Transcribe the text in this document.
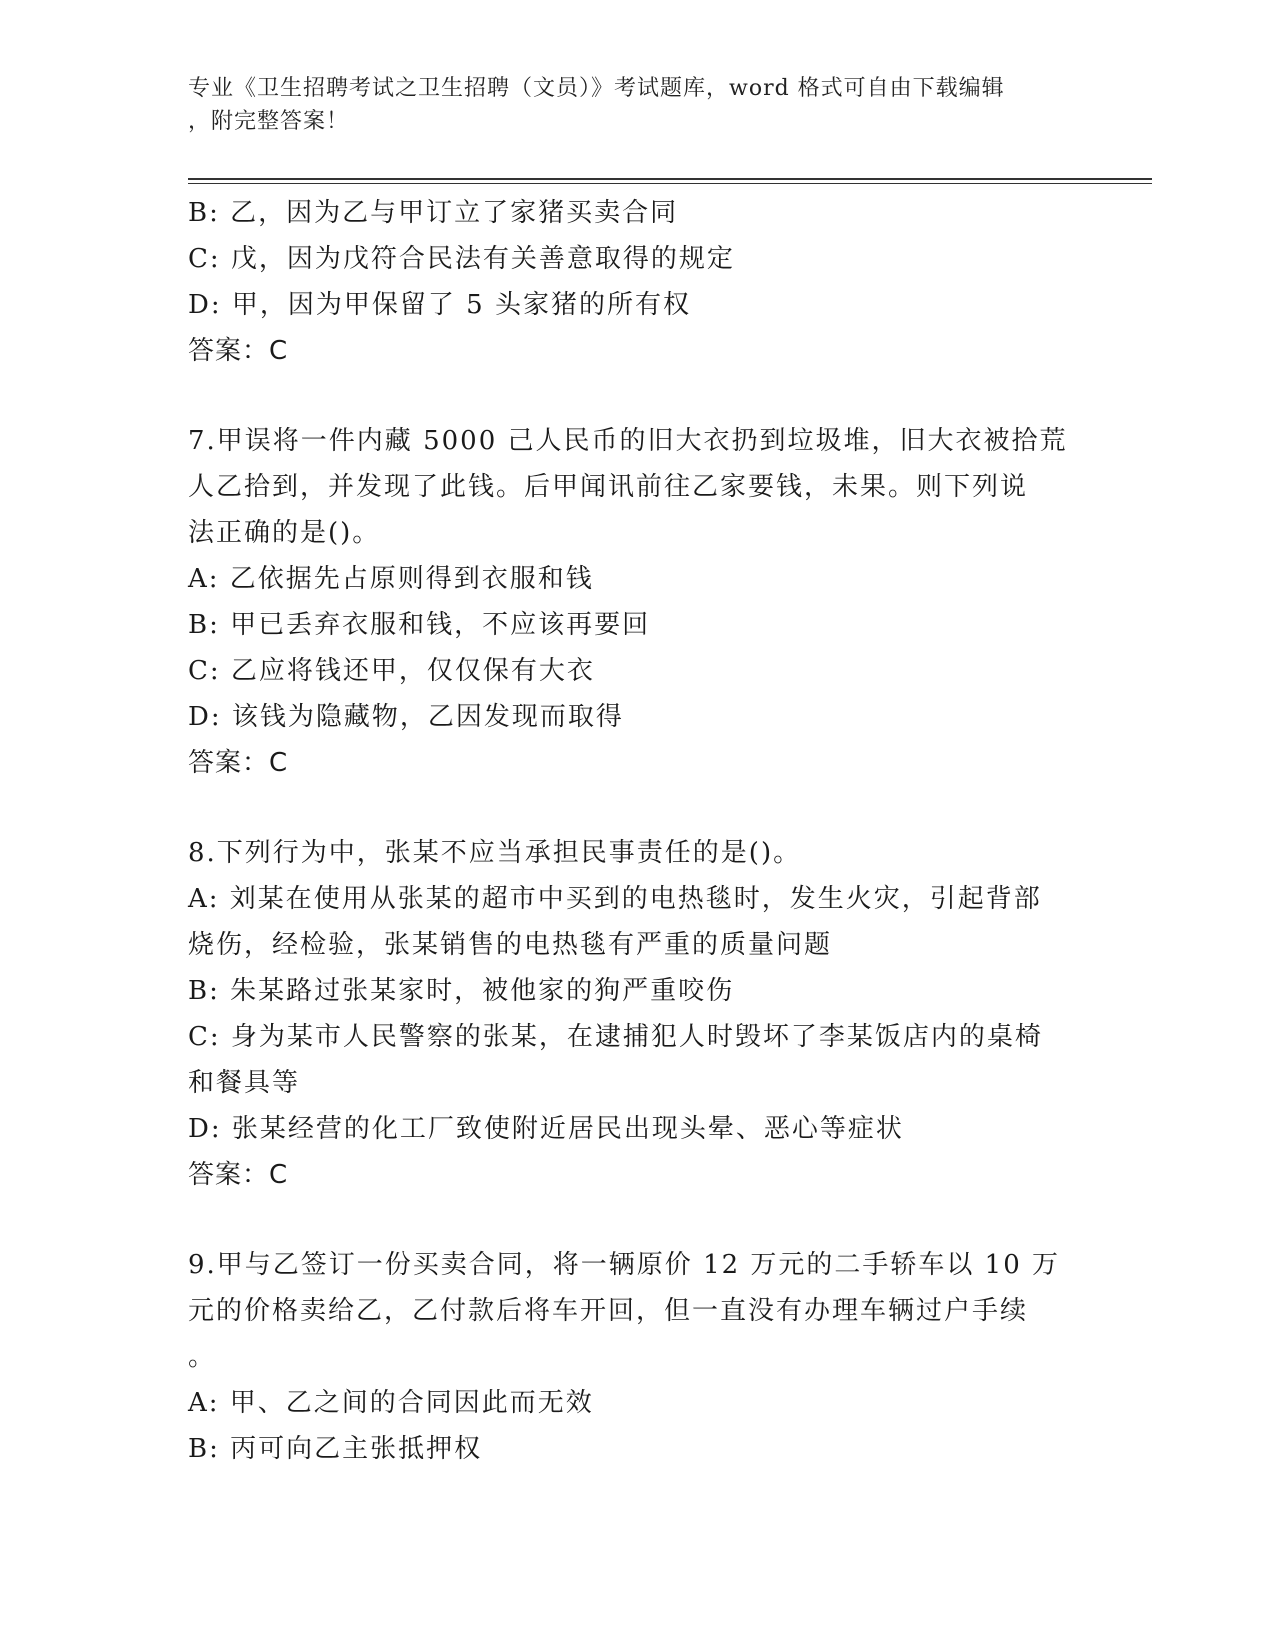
专业《卫生招聘考试之卫生招聘（文员）》考试题库，word 格式可自由下载编辑
，附完整答案！
B: 乙，因为乙与甲订立了家猪买卖合同
C: 戊，因为戊符合民法有关善意取得的规定
D: 甲，因为甲保留了 5 头家猪的所有权
答案：C
7.甲误将一件内藏 5000 己人民币的旧大衣扔到垃圾堆，旧大衣被拾荒
人乙拾到，并发现了此钱。后甲闻讯前往乙家要钱，未果。则下列说
法正确的是()。
A: 乙依据先占原则得到衣服和钱
B: 甲已丢弃衣服和钱，不应该再要回
C: 乙应将钱还甲，仅仅保有大衣
D: 该钱为隐藏物，乙因发现而取得
答案：C
8.下列行为中，张某不应当承担民事责任的是()。
A: 刘某在使用从张某的超市中买到的电热毯时，发生火灾，引起背部
烧伤，经检验，张某销售的电热毯有严重的质量问题
B: 朱某路过张某家时，被他家的狗严重咬伤
C: 身为某市人民警察的张某，在逮捕犯人时毁坏了李某饭店内的桌椅
和餐具等
D: 张某经营的化工厂致使附近居民出现头晕、恶心等症状
答案：C
9.甲与乙签订一份买卖合同，将一辆原价 12 万元的二手轿车以 10 万
元的价格卖给乙，乙付款后将车开回，但一直没有办理车辆过户手续
。
A: 甲、乙之间的合同因此而无效
B: 丙可向乙主张抵押权
